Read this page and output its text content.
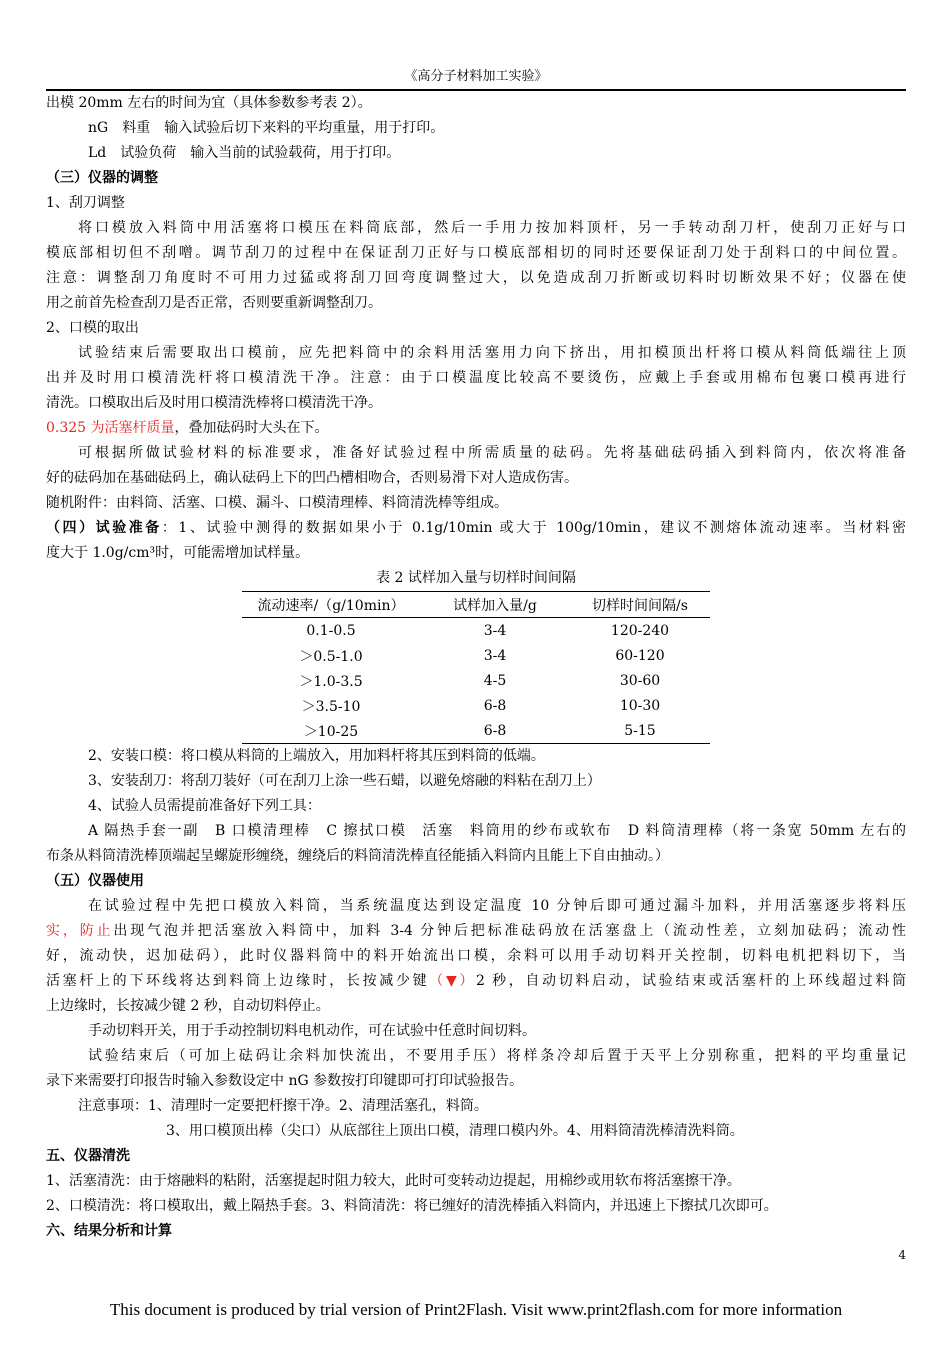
《高分子材料加工实验》
出模 20mm 左右的时间为宜（具体参数参考表 2）。
nG　料重　输入试验后切下来料的平均重量，用于打印。
Ld　试验负荷　输入当前的试验载荷，用于打印。
（三）仪器的调整
1、刮刀调整
将口模放入料筒中用活塞将口模压在料筒底部，然后一手用力按加料顶杆，另一手转动刮刀杆，使刮刀正好与口
模底部相切但不刮噌。调节刮刀的过程中在保证刮刀正好与口模底部相切的同时还要保证刮刀处于刮料口的中间位置。
注意：调整刮刀角度时不可用力过猛或将刮刀回弯度调整过大，以免造成刮刀折断或切料时切断效果不好；仪器在使
用之前首先检查刮刀是否正常，否则要重新调整刮刀。
2、口模的取出
试验结束后需要取出口模前，应先把料筒中的余料用活塞用力向下挤出，用扣模顶出杆将口模从料筒低端往上顶
出并及时用口模清洗杆将口模清洗干净。注意：由于口模温度比较高不要烫伤，应戴上手套或用棉布包裹口模再进行
清洗。口模取出后及时用口模清洗棒将口模清洗干净。
0.325 为活塞杆质量，叠加砝码时大头在下。
可根据所做试验材料的标准要求，准备好试验过程中所需质量的砝码。先将基础砝码插入到料筒内，依次将准备
好的砝码加在基础砝码上，确认砝码上下的凹凸槽相吻合，否则易滑下对人造成伤害。
随机附件：由料筒、活塞、口模、漏斗、口模清理棒、料筒清洗棒等组成。
（四）试验准备：1、试验中测得的数据如果小于 0.1g/10min 或大于 100g/10min，建议不测熔体流动速率。当材料密
度大于 1.0g/cm³时，可能需增加试样量。
表 2 试样加入量与切样时间间隔
流动速率/（g/10min）	试样加入量/g	切样时间间隔/s
0.1-0.5	3-4	120-240
＞0.5-1.0	3-4	60-120
＞1.0-3.5	4-5	30-60
＞3.5-10	6-8	10-30
＞10-25	6-8	5-15
2、安装口模：将口模从料筒的上端放入，用加料杆将其压到料筒的低端。
3、安装刮刀：将刮刀装好（可在刮刀上涂一些石蜡，以避免熔融的料粘在刮刀上）
4、试验人员需提前准备好下列工具：
A 隔热手套一副　B 口模清理棒　C 擦拭口模　活塞　料筒用的纱布或软布　D 料筒清理棒（将一条宽 50mm 左右的
布条从料筒清洗棒顶端起呈螺旋形缠绕，缠绕后的料筒清洗棒直径能插入料筒内且能上下自由抽动。）
（五）仪器使用
在试验过程中先把口模放入料筒，当系统温度达到设定温度 10 分钟后即可通过漏斗加料，并用活塞逐步将料压
实，防止出现气泡并把活塞放入料筒中，加料 3-4 分钟后把标准砝码放在活塞盘上（流动性差，立刻加砝码；流动性
好，流动快，迟加砝码），此时仪器料筒中的料开始流出口模，余料可以用手动切料开关控制，切料电机把料切下，当
活塞杆上的下环线将达到料筒上边缘时，长按减少键（▼）2 秒，自动切料启动，试验结束或活塞杆的上环线超过料筒
上边缘时，长按减少键 2 秒，自动切料停止。
手动切料开关，用于手动控制切料电机动作，可在试验中任意时间切料。
试验结束后（可加上砝码让余料加快流出，不要用手压）将样条冷却后置于天平上分别称重，把料的平均重量记
录下来需要打印报告时输入参数设定中 nG 参数按打印键即可打印试验报告。
注意事项：1、清理时一定要把杆擦干净。2、清理活塞孔，料筒。
3、用口模顶出棒（尖口）从底部往上顶出口模，清理口模内外。4、用料筒清洗棒清洗料筒。
五、仪器清洗
1、活塞清洗：由于熔融料的粘附，活塞提起时阻力较大，此时可变转动边提起，用棉纱或用软布将活塞擦干净。
2、口模清洗：将口模取出，戴上隔热手套。3、料筒清洗：将已缠好的清洗棒插入料筒内，并迅速上下擦拭几次即可。
六、结果分析和计算
4
This document is produced by trial version of Print2Flash. Visit www.print2flash.com for more information
